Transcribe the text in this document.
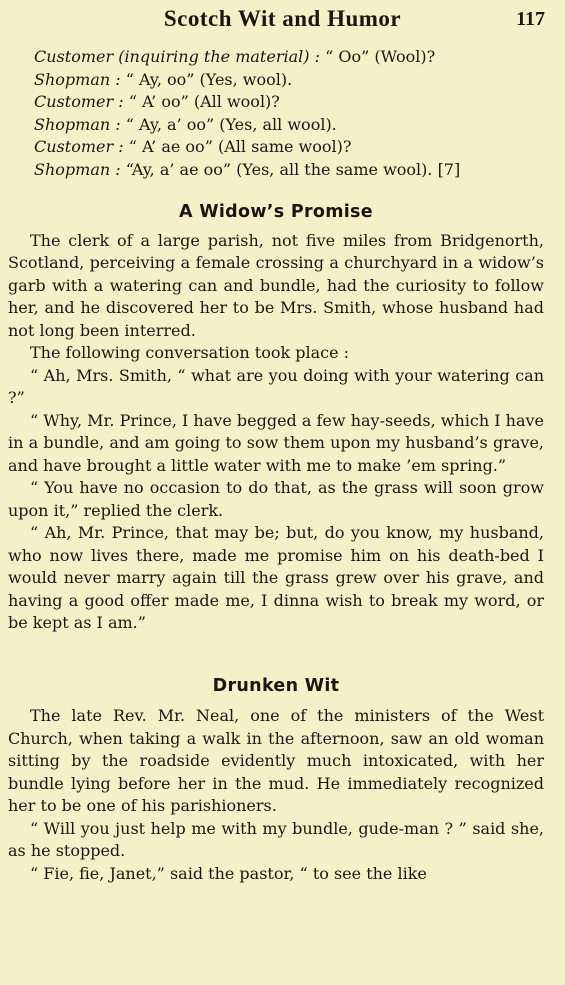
Scotch Wit and Humor	117
Customer (inquiring the material) : “ Oo” (Wool)?
Shopman : “ Ay, oo” (Yes, wool).
Customer : “ A’ oo” (All wool)?
Shopman : “ Ay, a’ oo” (Yes, all wool).
Customer : “ A’ ae oo” (All same wool)?
Shopman : “Ay, a’ ae oo” (Yes, all the same wool). [7]
A Widow’s Promise

The clerk of a large parish, not five miles from Bridgenorth, Scotland, perceiving a female crossing a churchyard in a widow’s garb with a watering can and bundle, had the curiosity to follow her, and he discovered her to be Mrs. Smith, whose husband had not long been interred.

The following conversation took place :

“ Ah, Mrs. Smith, “ what are you doing with your watering can ?”

“ Why, Mr. Prince, I have begged a few hay-seeds, which I have in a bundle, and am going to sow them upon my husband’s grave, and have brought a little water with me to make ’em spring.”

“ You have no occasion to do that, as the grass will soon grow upon it,” replied the clerk.

“ Ah, Mr. Prince, that may be; but, do you know, my husband, who now lives there, made me promise him on his death-bed I would never marry again till the grass grew over his grave, and having a good offer made me, I dinna wish to break my word, or be kept as I am.”

Drunken Wit

The late Rev. Mr. Neal, one of the ministers of the West Church, when taking a walk in the afternoon, saw an old woman sitting by the roadside evidently much intoxicated, with her bundle lying before her in the mud. He immediately recognized her to be one of his parishioners.

“ Will you just help me with my bundle, gude-man ? ” said she, as he stopped.

“ Fie, fie, Janet,” said the pastor, “ to see the like
